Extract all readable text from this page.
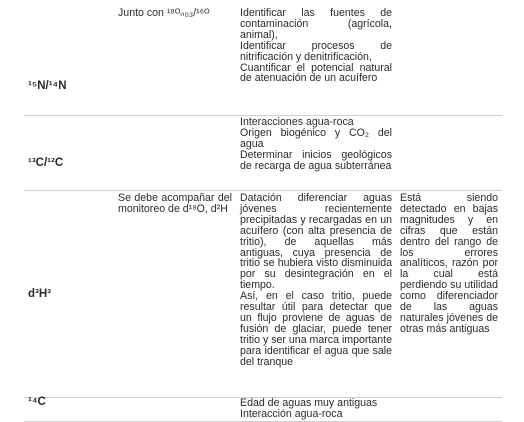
¹⁵N/¹⁴N
Junto con ¹⁸ᴼₙ₀₃/¹⁶ᴼ	Identificar las fuentes de contaminación (agrícola, animal),
Identificar procesos de nitrificación y denitrificación,
Cuantificar el potencial natural de atenuación de un acuífero
¹³C/¹²C
Interacciones agua-roca
Origen biogénico y CO₂ del agua
Determinar inicios geológicos de recarga de agua subterránea
d³H³
Se debe acompañar del monitoreo de d¹⁸O, d²H
Datación diferenciar aguas jóvenes recientemente precipitadas y recargadas en un acuífero (con alta presencia de tritio), de aquellas más antiguas, cuya presencia de tritio se hubiera visto disminuida por su desintegración en el tiempo.
Así, en el caso tritio, puede resultar útil para detectar que un flujo proviene de aguas de fusión de glaciar, puede tener tritio y ser una marca importante para identificar el agua que sale del tranque
Está siendo detectado en bajas magnitudes y en cifras que están dentro del rango de los errores analíticos, razón por la cual está perdiendo su utilidad como diferenciador de las aguas naturales jóvenes de otras más antiguas
¹⁴C	Edad de aguas muy antiguas
Interacción agua-roca
